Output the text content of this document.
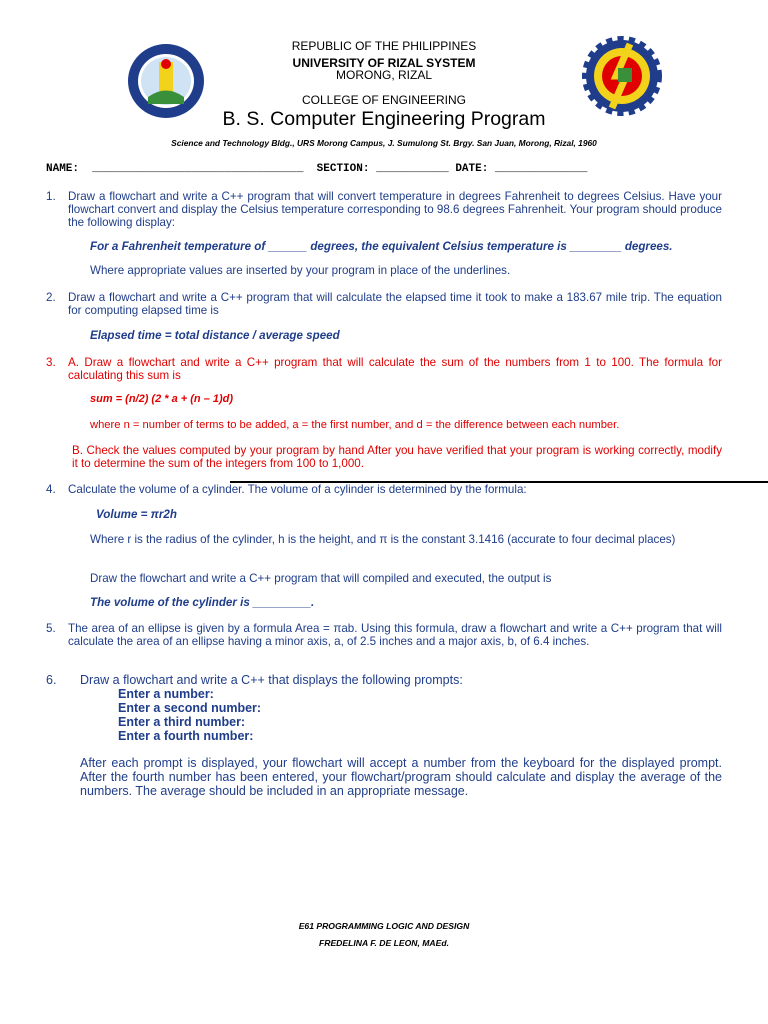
REPUBLIC OF THE PHILIPPINES
UNIVERSITY OF RIZAL SYSTEM
MORONG, RIZAL
COLLEGE OF ENGINEERING
B. S. Computer Engineering Program
Science and Technology Bldg., URS Morong Campus, J. Sumulong St. Brgy. San Juan, Morong, Rizal, 1960
NAME: ________________________________ SECTION: ___________ DATE: ______________
1. Draw a flowchart and write a C++ program that will convert temperature in degrees Fahrenheit to degrees Celsius. Have your flowchart convert and display the Celsius temperature corresponding to 98.6 degrees Fahrenheit. Your program should produce the following display:
For a Fahrenheit temperature of ______ degrees, the equivalent Celsius temperature is ________ degrees.
Where appropriate values are inserted by your program in place of the underlines.
2. Draw a flowchart and write a C++ program that will calculate the elapsed time it took to make a 183.67 mile trip. The equation for computing elapsed time is
Elapsed time = total distance / average speed
3. A. Draw a flowchart and write a C++ program that will calculate the sum of the numbers from 1 to 100. The formula for calculating this sum is
sum = (n/2) (2 * a + (n – 1)d)
where n = number of terms to be added, a = the first number, and d = the difference between each number.
B. Check the values computed by your program by hand After you have verified that your program is working correctly, modify it to determine the sum of the integers from 100 to 1,000.
4. Calculate the volume of a cylinder. The volume of a cylinder is determined by the formula:
Volume = πr2h
Where r is the radius of the cylinder, h is the height, and π is the constant 3.1416 (accurate to four decimal places)
Draw the flowchart and write a C++ program that will compiled and executed, the output is
The volume of the cylinder is _________.
5. The area of an ellipse is given by a formula Area = πab. Using this formula, draw a flowchart and write a C++ program that will calculate the area of an ellipse having a minor axis, a, of 2.5 inches and a major axis, b, of 6.4 inches.
6. Draw a flowchart and write a C++ that displays the following prompts:
Enter a number:
Enter a second number:
Enter a third number:
Enter a fourth number:
After each prompt is displayed, your flowchart will accept a number from the keyboard for the displayed prompt. After the fourth number has been entered, your flowchart/program should calculate and display the average of the numbers. The average should be included in an appropriate message.
E61 PROGRAMMING LOGIC AND DESIGN
FREDELINA F. DE LEON, MAEd.
